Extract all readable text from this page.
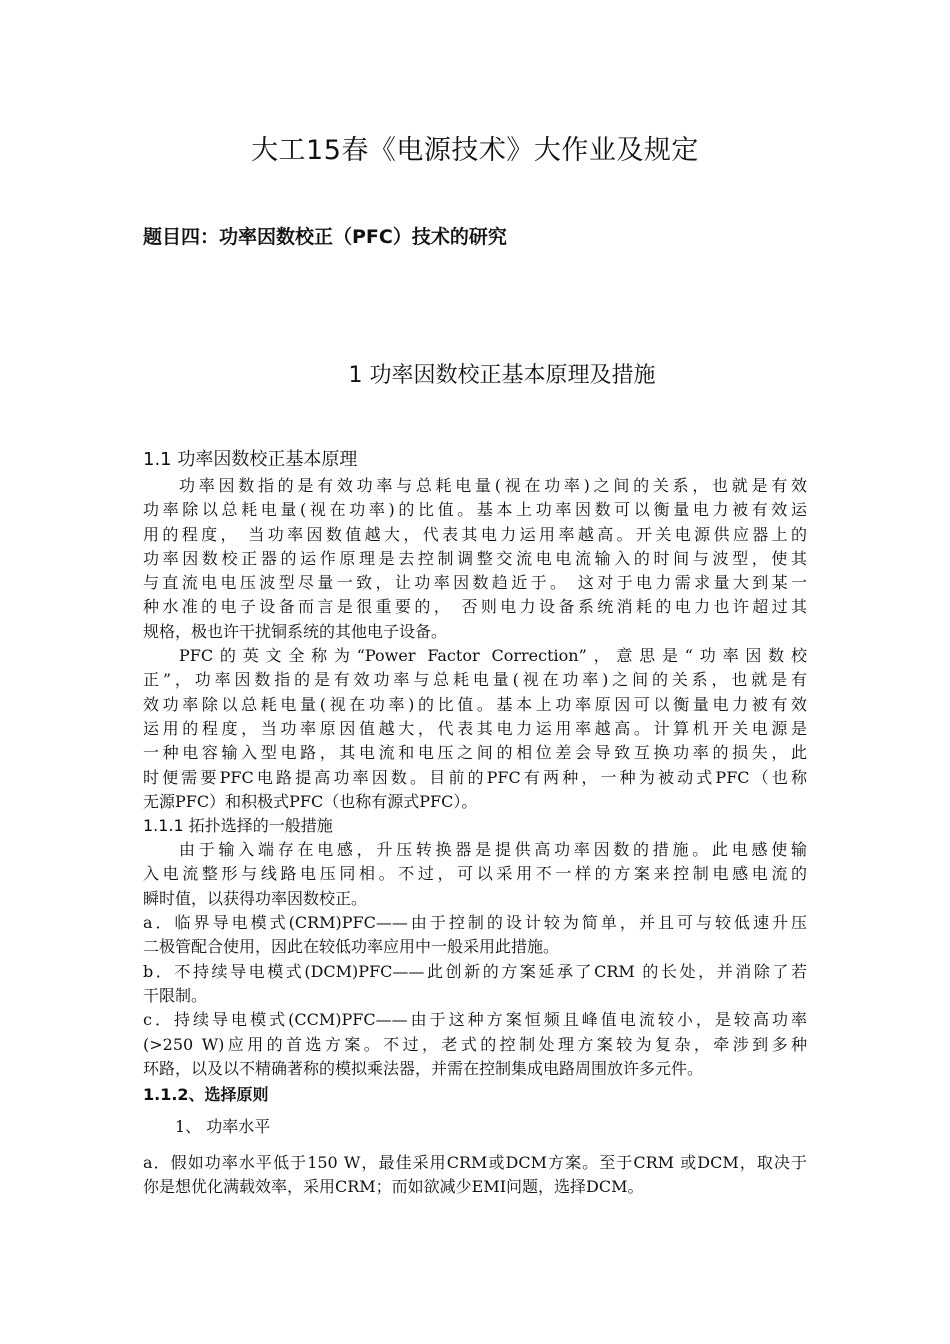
大工15春《电源技术》大作业及规定
题目四：功率因数校正（PFC）技术的研究
1 功率因数校正基本原理及措施
1.1 功率因数校正基本原理
功率因数指的是有效功率与总耗电量(视在功率)之间的关系，也就是有效
功率除以总耗电量(视在功率)的比值。基本上功率因数可以衡量电力被有效运
用的程度， 当功率因数值越大，代表其电力运用率越高。开关电源供应器上的
功率因数校正器的运作原理是去控制调整交流电电流输入的时间与波型，使其
与直流电电压波型尽量一致，让功率因数趋近于。 这对于电力需求量大到某一
种水准的电子设备而言是很重要的， 否则电力设备系统消耗的电力也许超过其
规格，极也许干扰铜系统的其他电子设备。
PFC的英文全称为“Power Factor Correction”，意思是“功率因数校
正”，功率因数指的是有效功率与总耗电量(视在功率)之间的关系，也就是有
效功率除以总耗电量(视在功率)的比值。基本上功率原因可以衡量电力被有效
运用的程度，当功率原因值越大，代表其电力运用率越高。计算机开关电源是
一种电容输入型电路，其电流和电压之间的相位差会导致互换功率的损失，此
时便需要PFC电路提高功率因数。目前的PFC有两种，一种为被动式PFC（也称
无源PFC）和积极式PFC（也称有源式PFC）。
1.1.1 拓扑选择的一般措施
由于输入端存在电感，升压转换器是提供高功率因数的措施。此电感使输
入电流整形与线路电压同相。不过，可以采用不一样的方案来控制电感电流的
瞬时值，以获得功率因数校正。
a．临界导电模式(CRM)PFC——由于控制的设计较为简单，并且可与较低速升压
二极管配合使用，因此在较低功率应用中一般采用此措施。
b．不持续导电模式(DCM)PFC——此创新的方案延承了CRM 的长处，并消除了若
干限制。
c．持续导电模式(CCM)PFC——由于这种方案恒频且峰值电流较小，是较高功率
(>250 W)应用的首选方案。不过，老式的控制处理方案较为复杂，牵涉到多种
环路，以及以不精确著称的模拟乘法器，并需在控制集成电路周围放许多元件。
1.1.2、选择原则
1、 功率水平
a．假如功率水平低于150 W，最佳采用CRM或DCM方案。至于CRM 或DCM，取决于
你是想优化满载效率，采用CRM；而如欲减少EMI问题，选择DCM。
